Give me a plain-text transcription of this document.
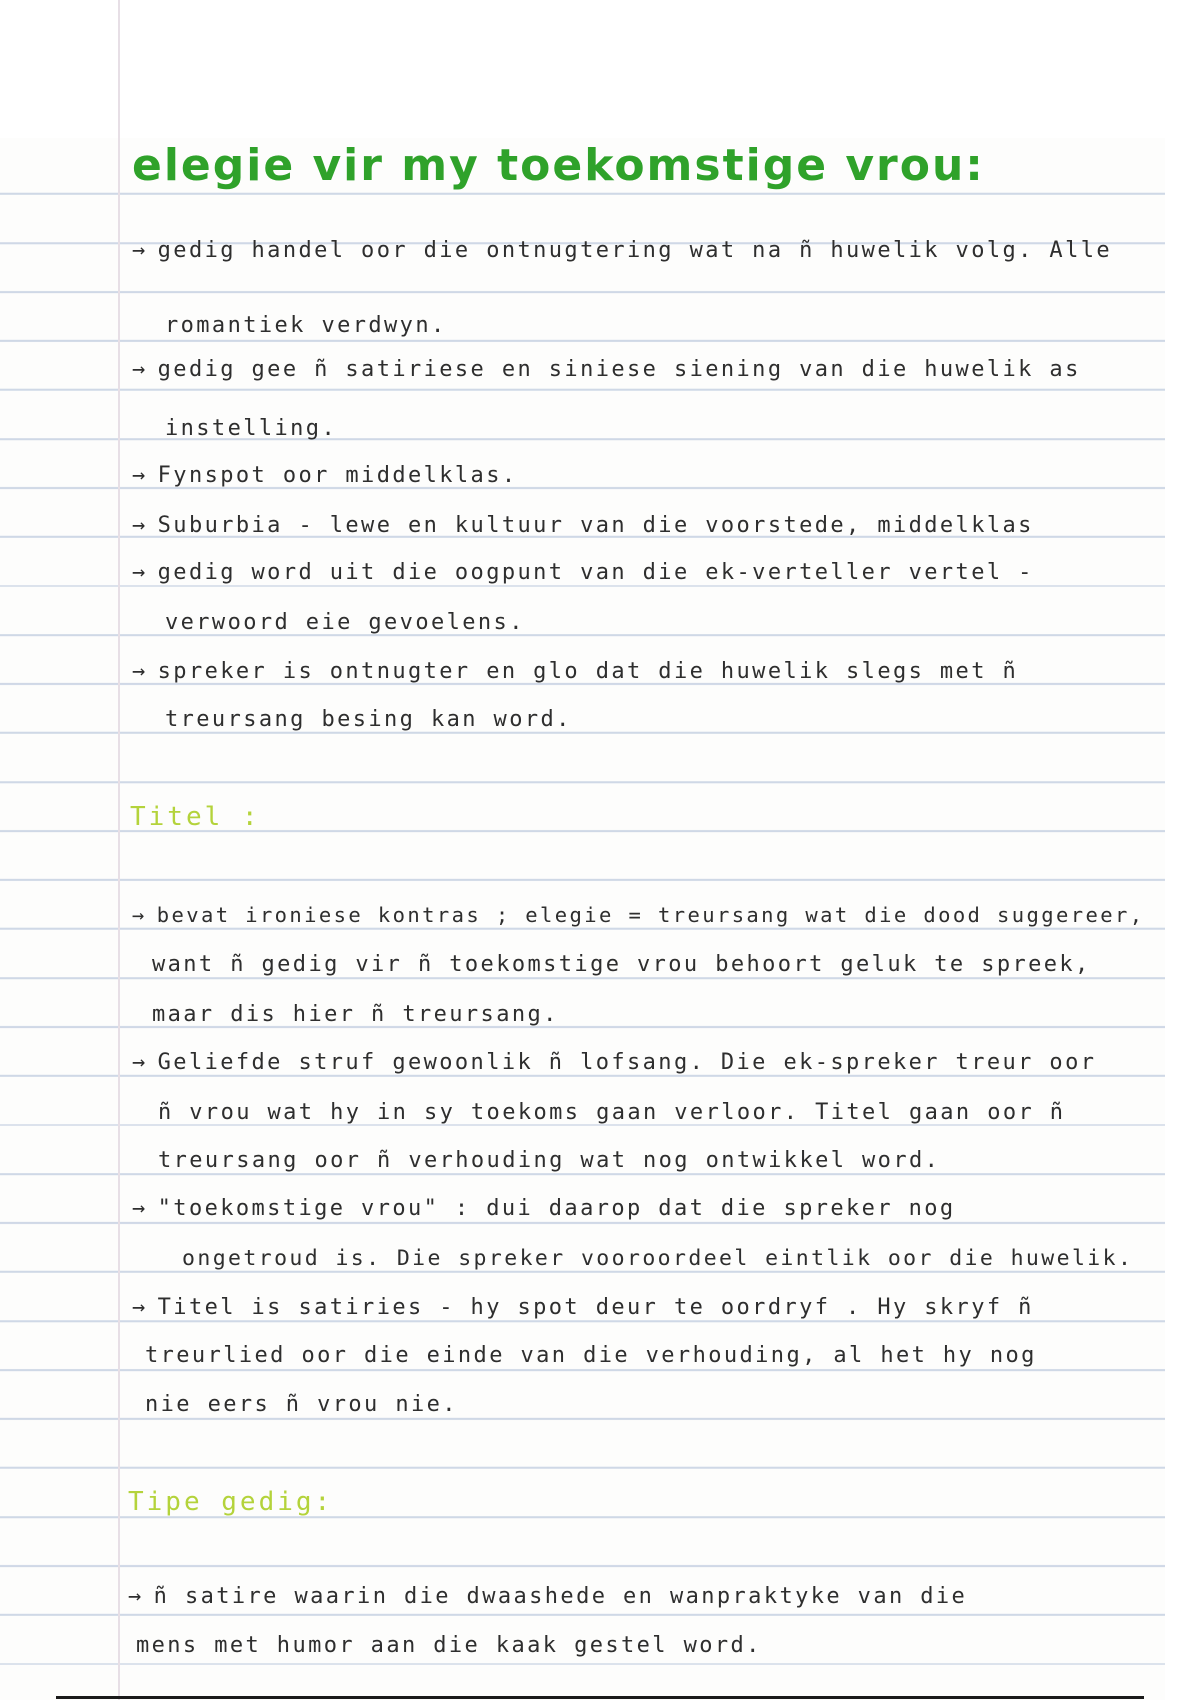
elegie vir my toekomstige vrou:
→ gedig handel oor die ontnugtering wat na ñ huwelik volg. Alle
romantiek verdwyn.
→ gedig gee ñ satiriese en siniese siening van die huwelik as
instelling.
→ Fynspot oor middelklas.
→ Suburbia - lewe en kultuur van die voorstede, middelklas
→ gedig word uit die oogpunt van die ek-verteller vertel -
verwoord eie gevoelens.
→ spreker is ontnugter en glo dat die huwelik slegs met ñ
treursang besing kan word.
Titel :
→ bevat ironiese kontras ; elegie = treursang wat die dood suggereer,
want ñ gedig vir ñ toekomstige vrou behoort geluk te spreek,
maar dis hier ñ treursang.
→ Geliefde struf gewoonlik ñ lofsang. Die ek-spreker treur oor
ñ vrou wat hy in sy toekoms gaan verloor. Titel gaan oor ñ
treursang oor ñ verhouding wat nog ontwikkel word.
→ "toekomstige vrou" : dui daarop dat die spreker nog
ongetroud is. Die spreker vooroordeel eintlik oor die huwelik.
→ Titel is satiries - hy spot deur te oordryf . Hy skryf ñ
treurlied oor die einde van die verhouding, al het hy nog
nie eers ñ vrou nie.
Tipe gedig:
→ ñ satire waarin die dwaashede en wanpraktyke van die
mens met humor aan die kaak gestel word.
